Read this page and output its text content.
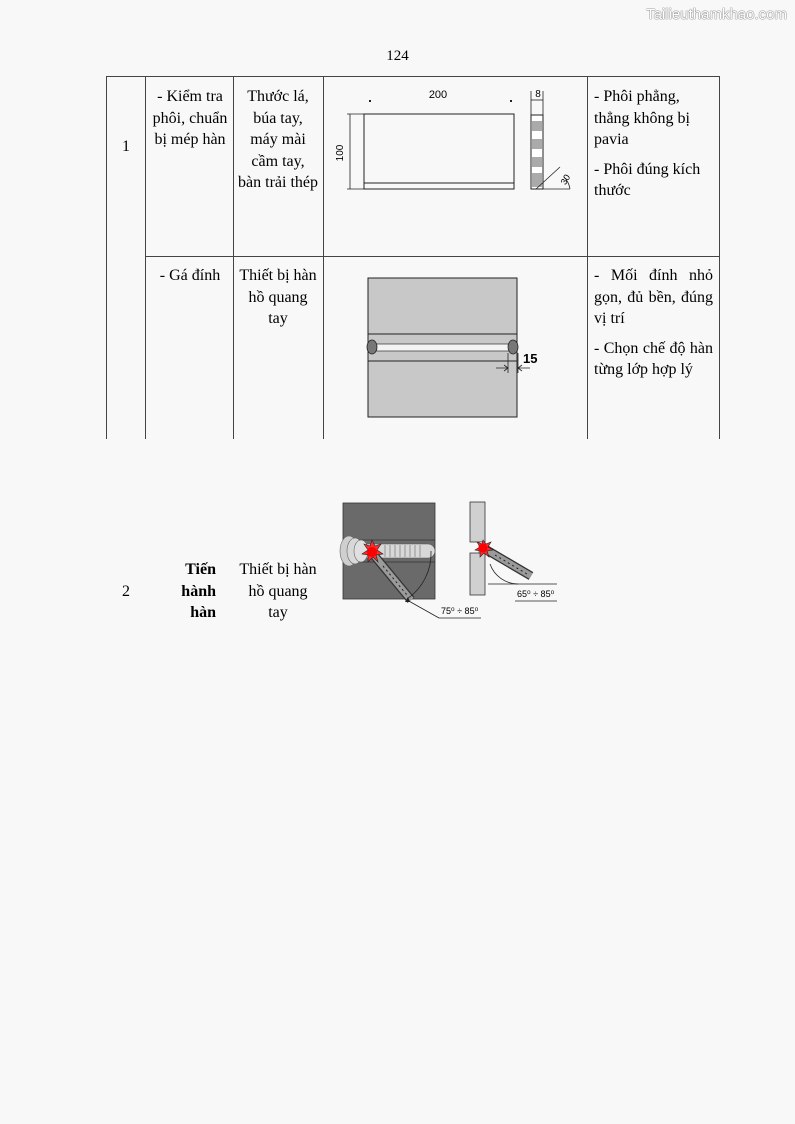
Tailieuthamkhao.com
124
1
- Kiểm tra phôi, chuẩn bị mép hàn
Thước lá, búa tay, máy mài cầm tay, bàn trải thép
200
100
8
30
- Phôi phẳng, thẳng không bị pavia
- Phôi đúng kích thước
- Gá đính	Thiết bị hàn hồ quang tay
15
- Mối đính nhỏ gọn, đủ bền, đúng vị trí
- Chọn chế độ hàn từng lớp hợp lý
2
Tiến hành hàn
Thiết bị hàn hồ quang tay	75⁰ ÷ 85⁰
65⁰ ÷ 85⁰
